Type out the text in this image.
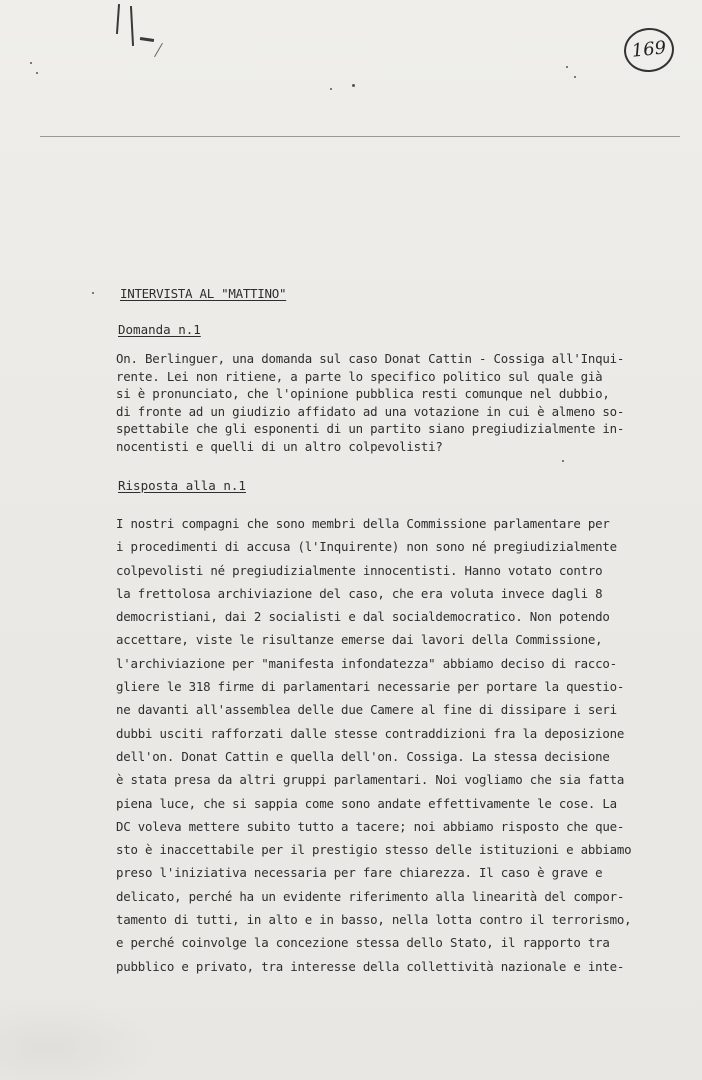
169
INTERVISTA AL "MATTINO"
Domanda n.1
On. Berlinguer, una domanda sul caso Donat Cattin - Cossiga all'Inqui-
rente. Lei non ritiene, a parte lo specifico politico sul quale già
si è pronunciato, che l'opinione pubblica resti comunque nel dubbio,
di fronte ad un giudizio affidato ad una votazione in cui è almeno so-
spettabile che gli esponenti di un partito siano pregiudizialmente in-
nocentisti e quelli di un altro colpevolisti?
Risposta alla n.1
I nostri compagni che sono membri della Commissione parlamentare per
i procedimenti di accusa (l'Inquirente) non sono né pregiudizialmente
colpevolisti né pregiudizialmente innocentisti. Hanno votato contro
la frettolosa archiviazione del caso, che era voluta invece dagli 8
democristiani, dai 2 socialisti e dal socialdemocratico. Non potendo
accettare, viste le risultanze emerse dai lavori della Commissione,
l'archiviazione per "manifesta infondatezza" abbiamo deciso di racco-
gliere le 318 firme di parlamentari necessarie per portare la questio-
ne davanti all'assemblea delle due Camere al fine di dissipare i seri
dubbi usciti rafforzati dalle stesse contraddizioni fra la deposizione
dell'on. Donat Cattin e quella dell'on. Cossiga. La stessa decisione
è stata presa da altri gruppi parlamentari. Noi vogliamo che sia fatta
piena luce, che si sappia come sono andate effettivamente le cose. La
DC voleva mettere subito tutto a tacere; noi abbiamo risposto che que-
sto è inaccettabile per il prestigio stesso delle istituzioni e abbiamo
preso l'iniziativa necessaria per fare chiarezza. Il caso è grave e
delicato, perché ha un evidente riferimento alla linearità del compor-
tamento di tutti, in alto e in basso, nella lotta contro il terrorismo,
e perché coinvolge la concezione stessa dello Stato, il rapporto tra
pubblico e privato, tra interesse della collettività nazionale e inte-
